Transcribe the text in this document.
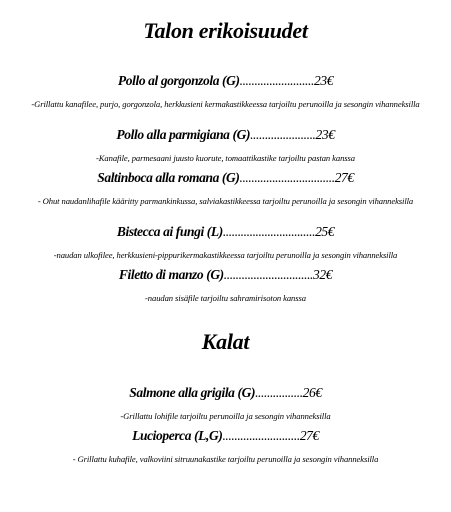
Talon erikoisuudet
Pollo al gorgonzola (G).........................23€
-Grillattu kanafilee, purjo, gorgonzola, herkkusieni kermakastikkeessa tarjoiltu perunoilla ja sesongin vihanneksilla
Pollo alla parmigiana (G)......................23€
-Kanafile, parmesaani juusto kuorute, tomaattikastike tarjoiltu pastan kanssa
Saltinboca alla romana (G)................................27€
- Ohut naudanlihafile kääritty parmankinkussa, salviakastikkeessa tarjoiltu perunoilla ja sesongin vihanneksilla
Bistecca ai fungi (L)...............................25€
-naudan ulkofilee, herkkusieni-pippurikermakastikkeessa tarjoiltu perunoilla ja sesongin vihanneksilla
Filetto di manzo (G)..............................32€
-naudan sisäfile tarjoiltu sahramirisoton kanssa
Kalat
Salmone alla grigila (G)................26€
-Grillattu lohifile tarjoiltu perunoilla ja sesongin vihanneksilla
Lucioperca (L,G)..........................27€
- Grillattu kuhafile, valkoviini sitruunakastike tarjoiltu perunoilla ja sesongin vihanneksilla
